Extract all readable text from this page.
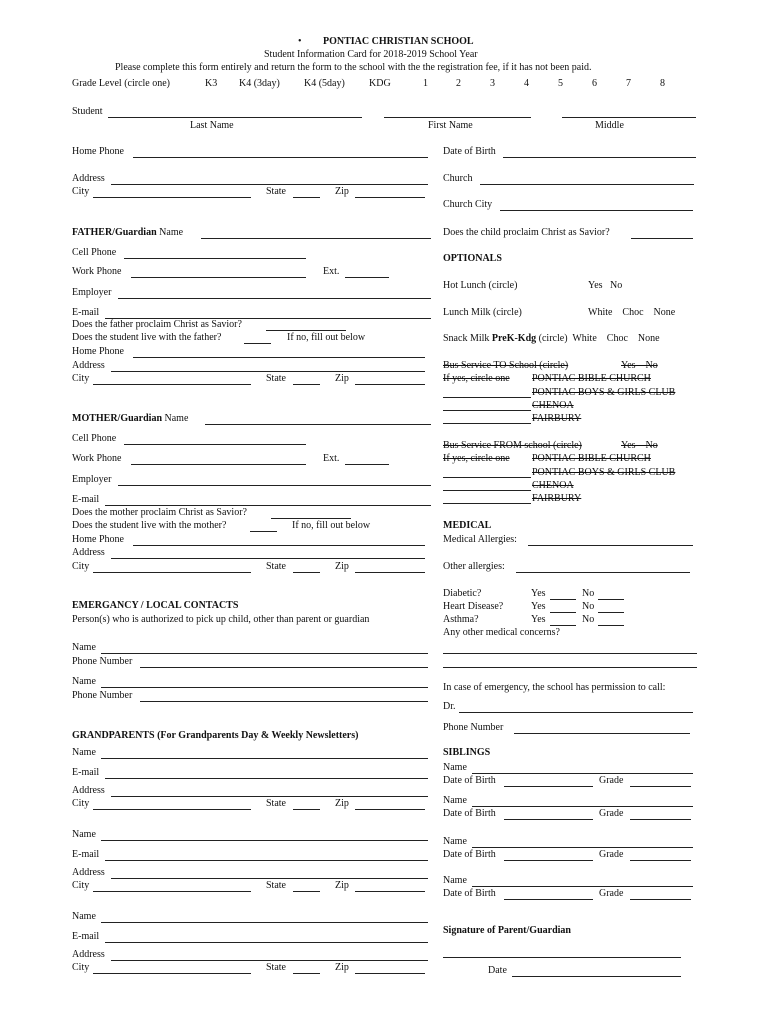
• PONTIAC CHRISTIAN SCHOOL
Student Information Card for 2018-2019 School Year
Please complete this form entirely and return the form to the school with the the registration fee, if it has not been paid.
Grade Level (circle one)	K3 K4 (3day) K4 (5day) KDG	1	2	3	4	5	6	7	8
Student
Last Name	First Name	Middle
Home Phone
Address
City	State	Zip
FATHER/Guardian Name
Cell Phone
Work Phone	Ext.
Employer
E-mail
Does the father proclaim Christ as Savior?
Does the student live with the father?	If no, fill out below
Home Phone
Address
City	State	Zip
MOTHER/Guardian Name
Cell Phone
Work Phone	Ext.
Employer
E-mail
Does the mother proclaim Christ as Savior?
Does the student live with the mother?	If no, fill out below
Home Phone
Address
City	State	Zip
EMERGANCY / LOCAL CONTACTS
Person(s) who is authorized to pick up child, other than parent or guardian
Name
Phone Number
Name
Phone Number
GRANDPARENTS (For Grandparents Day & Weekly Newsletters)
Name
E-mail
Address
City	State	Zip
Name
E-mail
Address
City	State	Zip
Name
E-mail
Address
City	State	Zip
Date of Birth
Church
Church City
Does the child proclaim Christ as Savior?
OPTIONALS
Hot Lunch (circle)	Yes   No
Lunch Milk (circle)	White    Choc    None
Snack Milk PreK-Kdg (circle)  White    Choc    None
Bus Service TO School (circle)	Yes    No
If yes, circle one PONTIAC BIBLE CHURCH
PONTIAC BOYS & GIRLS CLUB
CHENOA
FAIRBURY
Bus Service FROM school (circle)	Yes    No
If yes, circle one PONTIAC BIBLE CHURCH
PONTIAC BOYS & GIRLS CLUB
CHENOA
FAIRBURY
MEDICAL
Medical Allergies:
Other allergies:
Diabetic?	Yes	No
Heart Disease?	Yes	No
Asthma?	Yes	No
Any other medical concerns?
In case of emergency, the school has permission to call:
Dr.
Phone Number
SIBLINGS
Name
Date of Birth	Grade
Name
Date of Birth	Grade
Name
Date of Birth	Grade
Name
Date of Birth	Grade
Signature of Parent/Guardian
Date
